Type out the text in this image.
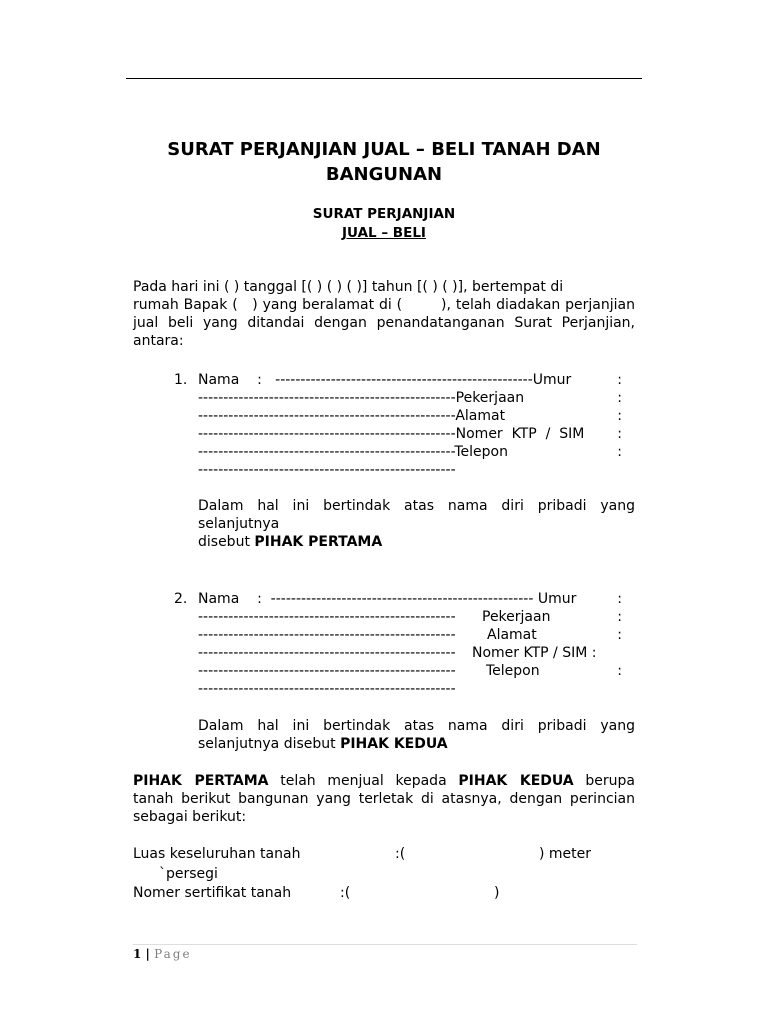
SURAT PERJANJIAN JUAL – BELI TANAH DAN
BANGUNAN
SURAT PERJANJIAN
JUAL – BELI
Pada hari ini ( ) tanggal [( ) ( ) ( )] tahun [( ) ( )], bertempat di
rumah Bapak (   ) yang beralamat di (        ), telah diadakan perjanjian
jual beli yang ditandai dengan penandatanganan Surat Perjanjian,
antara:
1. Nama    :   ---------------------------------------------------Umur	:
---------------------------------------------------Pekerjaan	:
---------------------------------------------------Alamat	:
---------------------------------------------------Nomer  KTP  /  SIM :
---------------------------------------------------Telepon	:
---------------------------------------------------
Dalam  hal  ini  bertindak  atas  nama  diri  pribadi  yang
selanjutnya
disebut PIHAK PERTAMA
2. Nama    :  ---------------------------------------------------- Umur	:
--------------------------------------------------- Pekerjaan	:
--------------------------------------------------- Alamat	:
--------------------------------------------------- Nomer KTP / SIM :
--------------------------------------------------- Telepon	:
---------------------------------------------------
Dalam  hal  ini  bertindak  atas  nama  diri  pribadi  yang
selanjutnya disebut PIHAK KEDUA
PIHAK  PERTAMA  telah  menjual  kepada  PIHAK  KEDUA  berupa
tanah berikut bangunan yang terletak di atasnya, dengan perincian
sebagai berikut:
Luas keseluruhan tanah	:(	) meter
`persegi
Nomer sertifikat tanah	:(	)
1 | Page
